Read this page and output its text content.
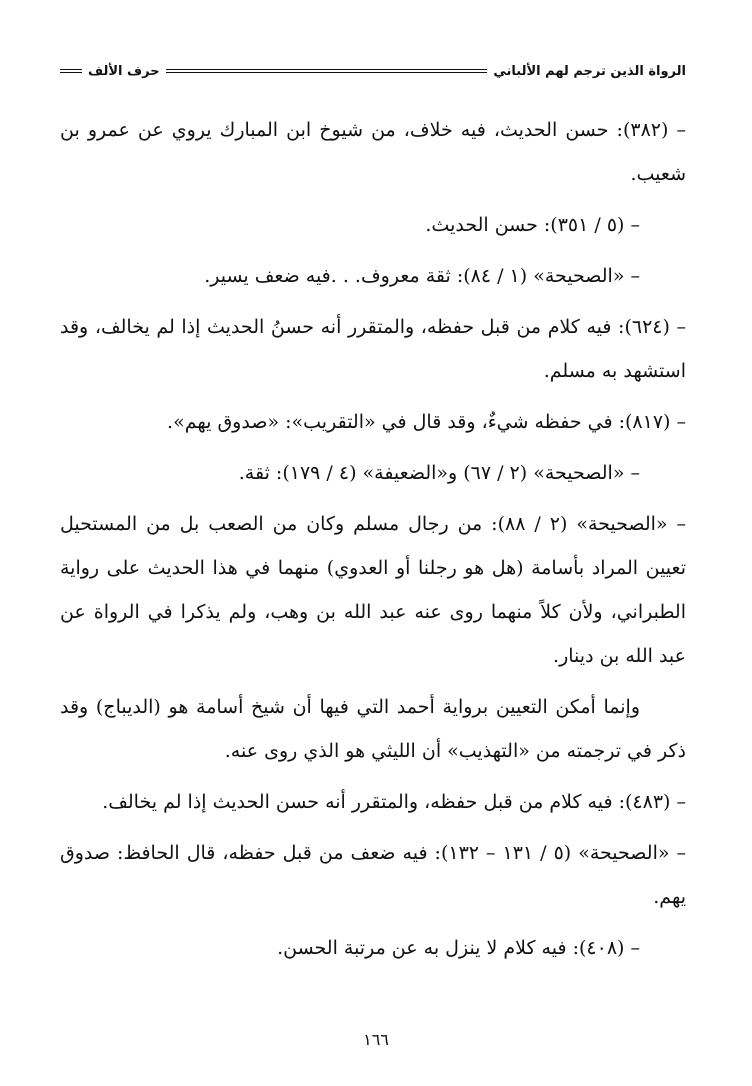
الرواة الذين ترجم لهم الألباني
حرف الألف

– (٣٨٢): حسن الحديث، فيه خلاف، من شيوخ ابن المبارك يروي عن عمرو بن شعيب.

– (٥ / ٣٥١): حسن الحديث.

– «الصحيحة» (١ / ٨٤): ثقة معروف. . .فيه ضعف يسير.

– (٦٢٤): فيه كلام من قبل حفظه، والمتقرر أنه حسنُ الحديث إذا لم يخالف، وقد استشهد به مسلم.

– (٨١٧): في حفظه شيءٌ، وقد قال في «التقريب»: «صدوق يهم».

– «الصحيحة» (٢ / ٦٧) و«الضعيفة» (٤ / ١٧٩): ثقة.

– «الصحيحة» (٢ / ٨٨): من رجال مسلم وكان من الصعب بل من المستحيل تعيين المراد بأسامة (هل هو رجلنا أو العدوي) منهما في هذا الحديث على رواية الطبراني، ولأن كلاً منهما روى عنه عبد الله بن وهب، ولم يذكرا في الرواة عن عبد الله بن دينار.

وإنما أمكن التعيين برواية أحمد التي فيها أن شيخ أسامة هو (الديباج) وقد ذكر في ترجمته من «التهذيب» أن الليثي هو الذي روى عنه.

– (٤٨٣): فيه كلام من قبل حفظه، والمتقرر أنه حسن الحديث إذا لم يخالف.

– «الصحيحة» (٥ / ١٣١ – ١٣٢): فيه ضعف من قبل حفظه، قال الحافظ: صدوق يهم.

– (٤٠٨): فيه كلام لا ينزل به عن مرتبة الحسن.

١٦٦
